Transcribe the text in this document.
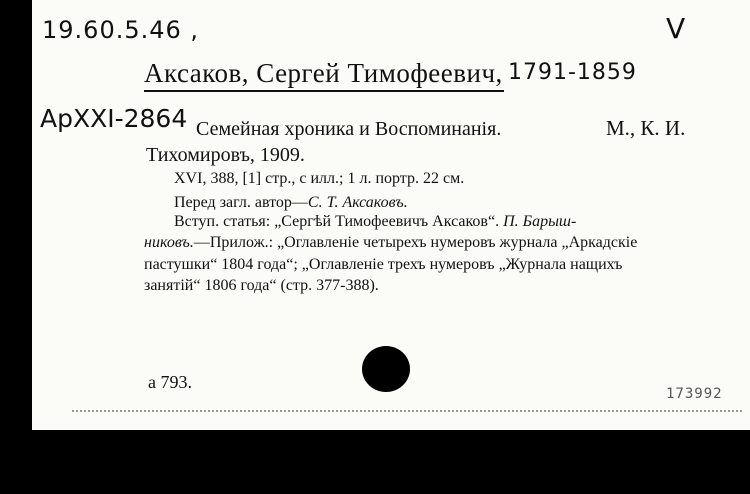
19.60.5.46 ,	V
Аксаков, Сергей Тимофеевич, 1791-1859
АрXXI-2864 Семейная хроника и Воспоминанія.	М., К. И.
Тихомировъ, 1909.
XVI, 388, [1] стр., с илл.; 1 л. портр. 22 см.
Перед загл. автор—С. Т. Аксаковъ.
Вступ. статья: „Сергѣй Тимофеевичъ Аксаков“. П. Барыш-
никовъ.—Прилож.: „Оглавленіе четырехъ нумеровъ журнала „Аркадскіе
пастушки“ 1804 года“; „Оглавленіе трехъ нумеровъ „Журнала нащихъ
занятій“ 1806 года“ (стр. 377-388).
а 793.
173992
